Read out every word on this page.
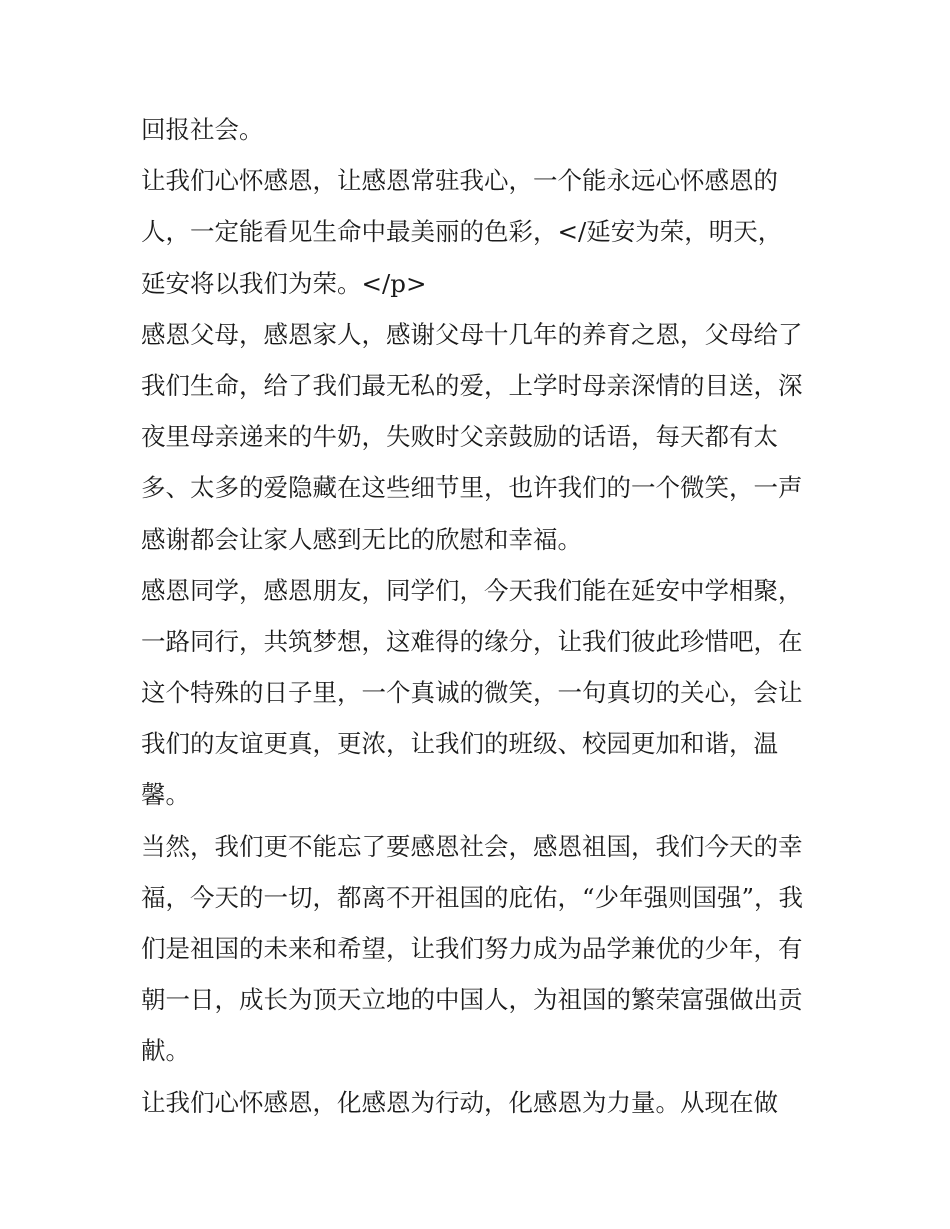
回报社会。
让我们心怀感恩，让感恩常驻我心，一个能永远心怀感恩的
人，一定能看见生命中最美丽的色彩，</延安为荣，明天，
延安将以我们为荣。</p>
感恩父母，感恩家人，感谢父母十几年的养育之恩，父母给了
我们生命，给了我们最无私的爱，上学时母亲深情的目送，深
夜里母亲递来的牛奶，失败时父亲鼓励的话语，每天都有太
多、太多的爱隐藏在这些细节里，也许我们的一个微笑，一声
感谢都会让家人感到无比的欣慰和幸福。
感恩同学，感恩朋友，同学们，今天我们能在延安中学相聚，
一路同行，共筑梦想，这难得的缘分，让我们彼此珍惜吧，在
这个特殊的日子里，一个真诚的微笑，一句真切的关心，会让
我们的友谊更真，更浓，让我们的班级、校园更加和谐，温
馨。
当然，我们更不能忘了要感恩社会，感恩祖国，我们今天的幸
福，今天的一切，都离不开祖国的庇佑，“少年强则国强”，我
们是祖国的未来和希望，让我们努力成为品学兼优的少年，有
朝一日，成长为顶天立地的中国人，为祖国的繁荣富强做出贡
献。
让我们心怀感恩，化感恩为行动，化感恩为力量。从现在做
